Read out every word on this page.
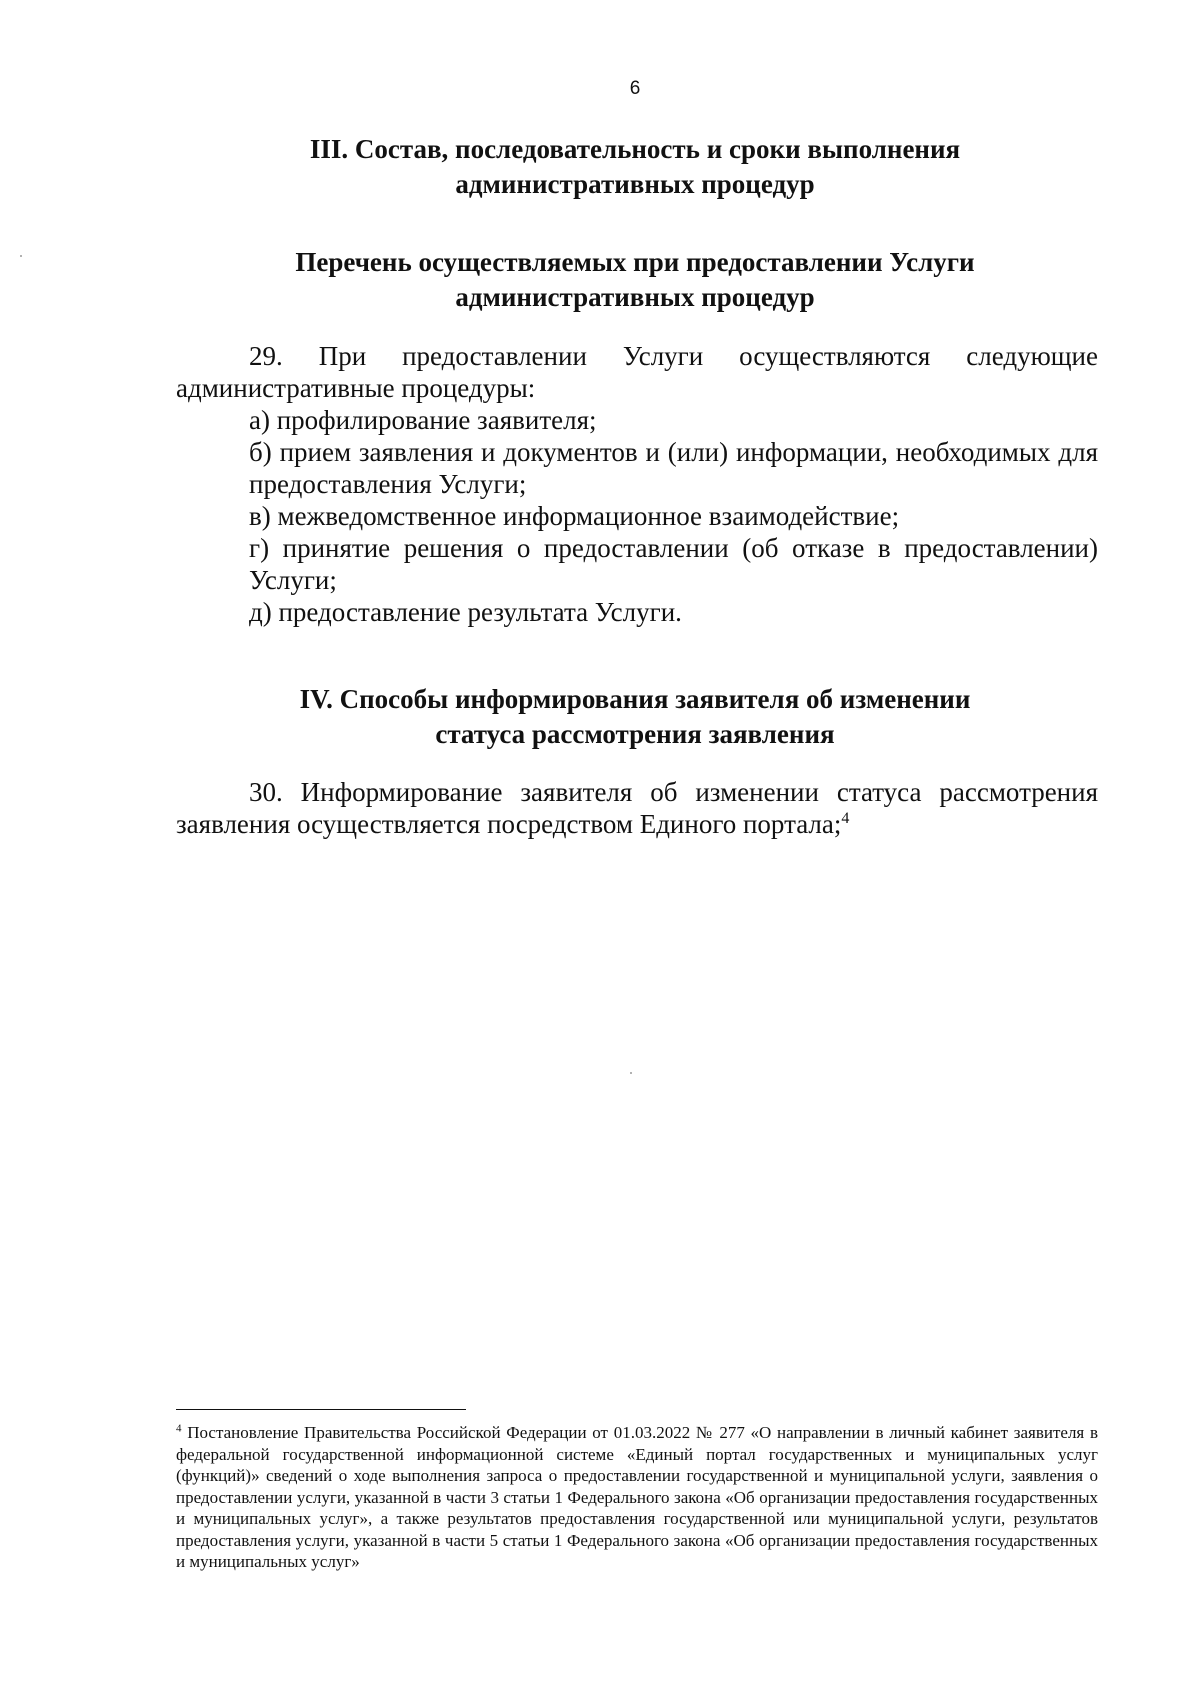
6
III. Состав, последовательность и сроки выполнения
административных процедур
Перечень осуществляемых при предоставлении Услуги
административных процедур

29. При предоставлении Услуги осуществляются следующие административные процедуры:

а) профилирование заявителя;

б) прием заявления и документов и (или) информации, необходимых для предоставления Услуги;

в) межведомственное информационное взаимодействие;

г) принятие решения о предоставлении (об отказе в предоставлении) Услуги;

д) предоставление результата Услуги.

IV. Способы информирования заявителя об изменении
статуса рассмотрения заявления

30. Информирование заявителя об изменении статуса рассмотрения заявления осуществляется посредством Единого портала;$^4$

$^4$ Постановление Правительства Российской Федерации от 01.03.2022 № 277 «О направлении в личный кабинет заявителя в федеральной государственной информационной системе «Единый портал государственных и муниципальных услуг (функций)» сведений о ходе выполнения запроса о предоставлении государственной и муниципальной услуги, заявления о предоставлении услуги, указанной в части 3 статьи 1 Федерального закона «Об организации предоставления государственных и муниципальных услуг», а также результатов предоставления государственной или муниципальной услуги, результатов предоставления услуги, указанной в части 5 статьи 1 Федерального закона «Об организации предоставления государственных и муниципальных услуг»
